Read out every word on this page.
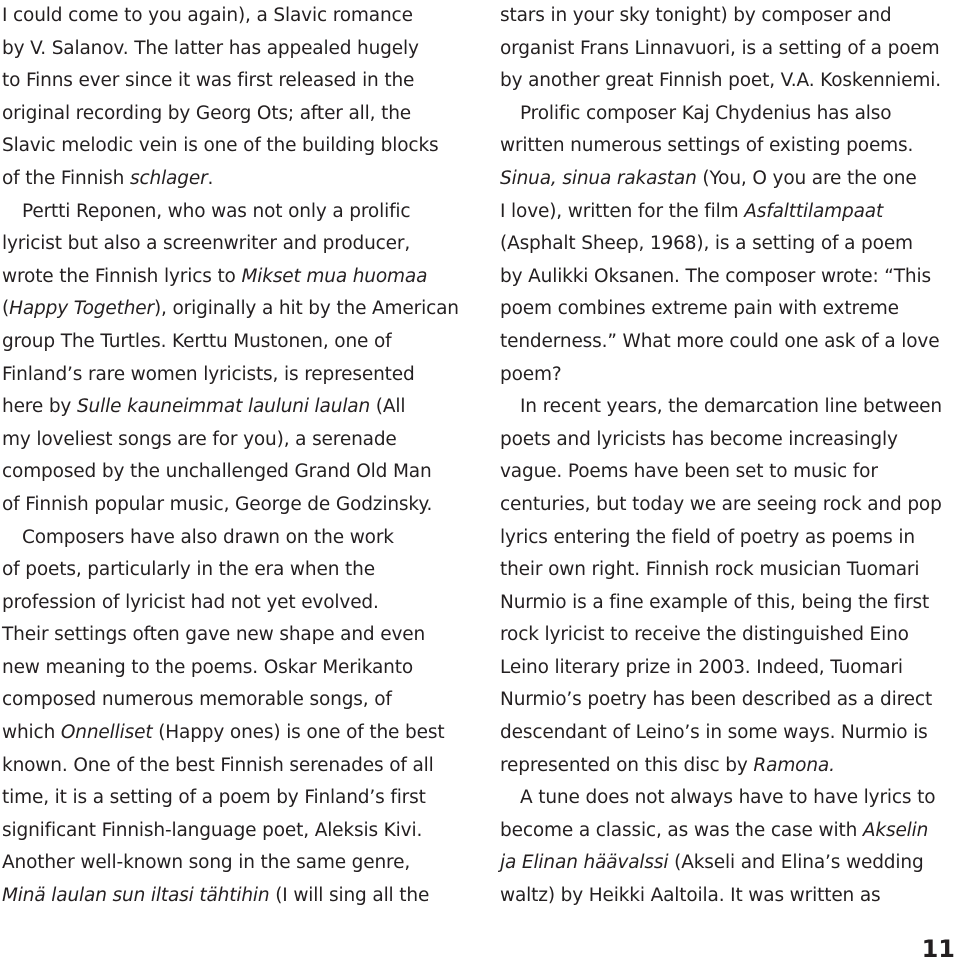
I could come to you again), a Slavic romance
by V. Salanov. The latter has appealed hugely
to Finns ever since it was first released in the
original recording by Georg Ots; after all, the
Slavic melodic vein is one of the building blocks
of the Finnish schlager.
Pertti Reponen, who was not only a prolific
lyricist but also a screenwriter and producer,
wrote the Finnish lyrics to Mikset mua huomaa
(Happy Together), originally a hit by the American
group The Turtles. Kerttu Mustonen, one of
Finland’s rare women lyricists, is represented
here by Sulle kauneimmat lauluni laulan (All
my loveliest songs are for you), a serenade
composed by the unchallenged Grand Old Man
of Finnish popular music, George de Godzinsky.
Composers have also drawn on the work
of poets, particularly in the era when the
profession of lyricist had not yet evolved.
Their settings often gave new shape and even
new meaning to the poems. Oskar Merikanto
composed numerous memorable songs, of
which Onnelliset (Happy ones) is one of the best
known. One of the best Finnish serenades of all
time, it is a setting of a poem by Finland’s first
significant Finnish-language poet, Aleksis Kivi.
Another well-known song in the same genre,
Minä laulan sun iltasi tähtihin (I will sing all the
stars in your sky tonight) by composer and
organist Frans Linnavuori, is a setting of a poem
by another great Finnish poet, V.A. Koskenniemi.
Prolific composer Kaj Chydenius has also
written numerous settings of existing poems.
Sinua, sinua rakastan (You, O you are the one
I love), written for the film Asfalttilampaat
(Asphalt Sheep, 1968), is a setting of a poem
by Aulikki Oksanen. The composer wrote: “This
poem combines extreme pain with extreme
tenderness.” What more could one ask of a love
poem?
In recent years, the demarcation line between
poets and lyricists has become increasingly
vague. Poems have been set to music for
centuries, but today we are seeing rock and pop
lyrics entering the field of poetry as poems in
their own right. Finnish rock musician Tuomari
Nurmio is a fine example of this, being the first
rock lyricist to receive the distinguished Eino
Leino literary prize in 2003. Indeed, Tuomari
Nurmio’s poetry has been described as a direct
descendant of Leino’s in some ways. Nurmio is
represented on this disc by Ramona.
A tune does not always have to have lyrics to
become a classic, as was the case with Akselin
ja Elinan häävalssi (Akseli and Elina’s wedding
waltz) by Heikki Aaltoila. It was written as
11
